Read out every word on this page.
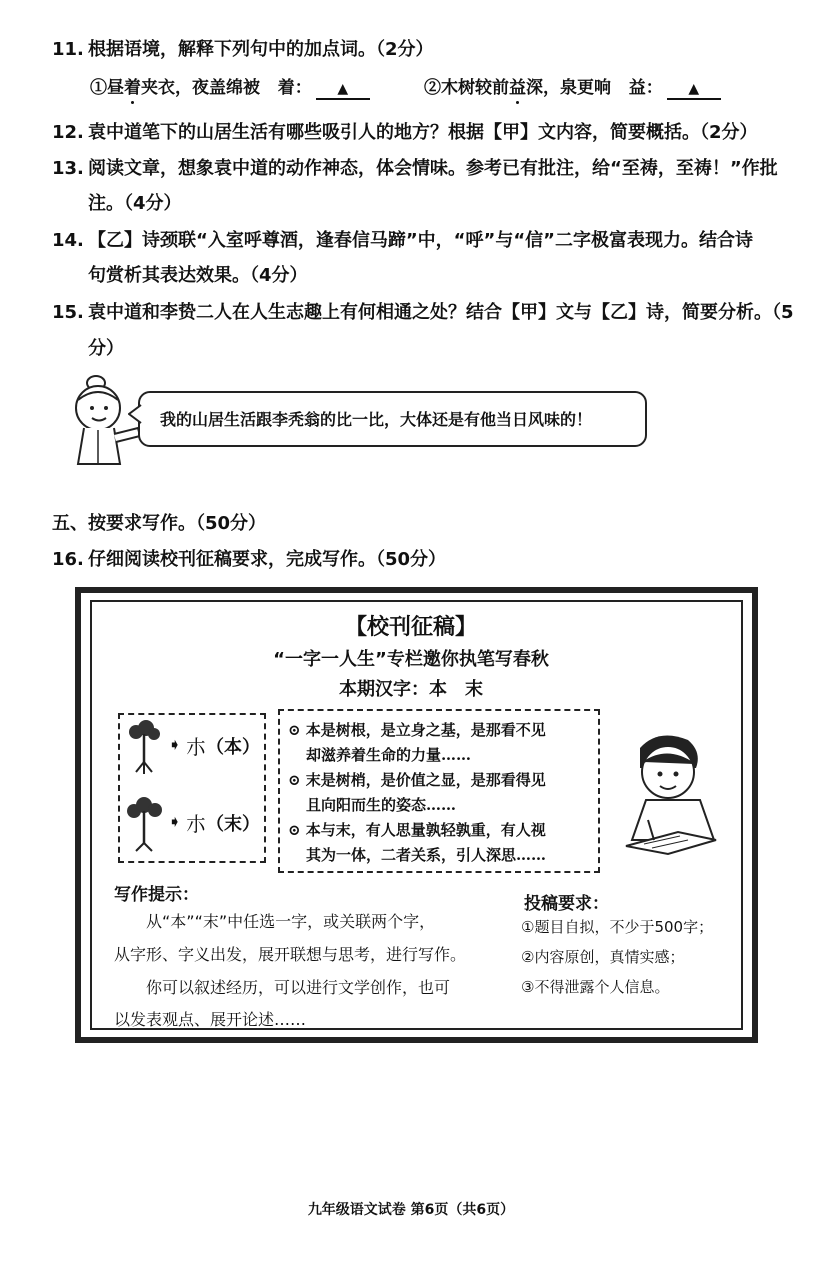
11. 根据语境，解释下列句中的加点词。（2分）
①昼着夹衣，夜盖绵被 着： ▲	②木树较前益深，泉更响 益： ▲
12. 袁中道笔下的山居生活有哪些吸引人的地方？根据【甲】文内容，简要概括。（2分）
13. 阅读文章，想象袁中道的动作神态，体会情味。参考已有批注，给“至祷，至祷！”作批
注。（4分）
14. 【乙】诗颈联“入室呼尊酒，逢春信马蹄”中，“呼”与“信”二字极富表现力。结合诗
句赏析其表达效果。（4分）
15. 袁中道和李贽二人在人生志趣上有何相通之处？结合【甲】文与【乙】诗，简要分析。（5
分）
我的山居生活跟李秃翁的比一比，大体还是有他当日风味的！
五、按要求写作。（50分）
16. 仔细阅读校刊征稿要求，完成写作。（50分）
【校刊征稿】
“一字一人生”专栏邀你执笔写春秋
本期汉字：本　末
➧
➧
朩
朩
（本）
（末）
⊙ 本是树根，是立身之基，是那看不见
却滋养着生命的力量……
⊙ 末是树梢，是价值之显，是那看得见
且向阳而生的姿态……
⊙ 本与末，有人思量孰轻孰重，有人视
其为一体，二者关系，引人深思……
写作提示：
从“本”“末”中任选一字，或关联两个字，
从字形、字义出发，展开联想与思考，进行写作。
你可以叙述经历，可以进行文学创作，也可
以发表观点、展开论述……
投稿要求：
①题目自拟，不少于500字；
②内容原创，真情实感；
③不得泄露个人信息。
九年级语文试卷 第6页（共6页）
